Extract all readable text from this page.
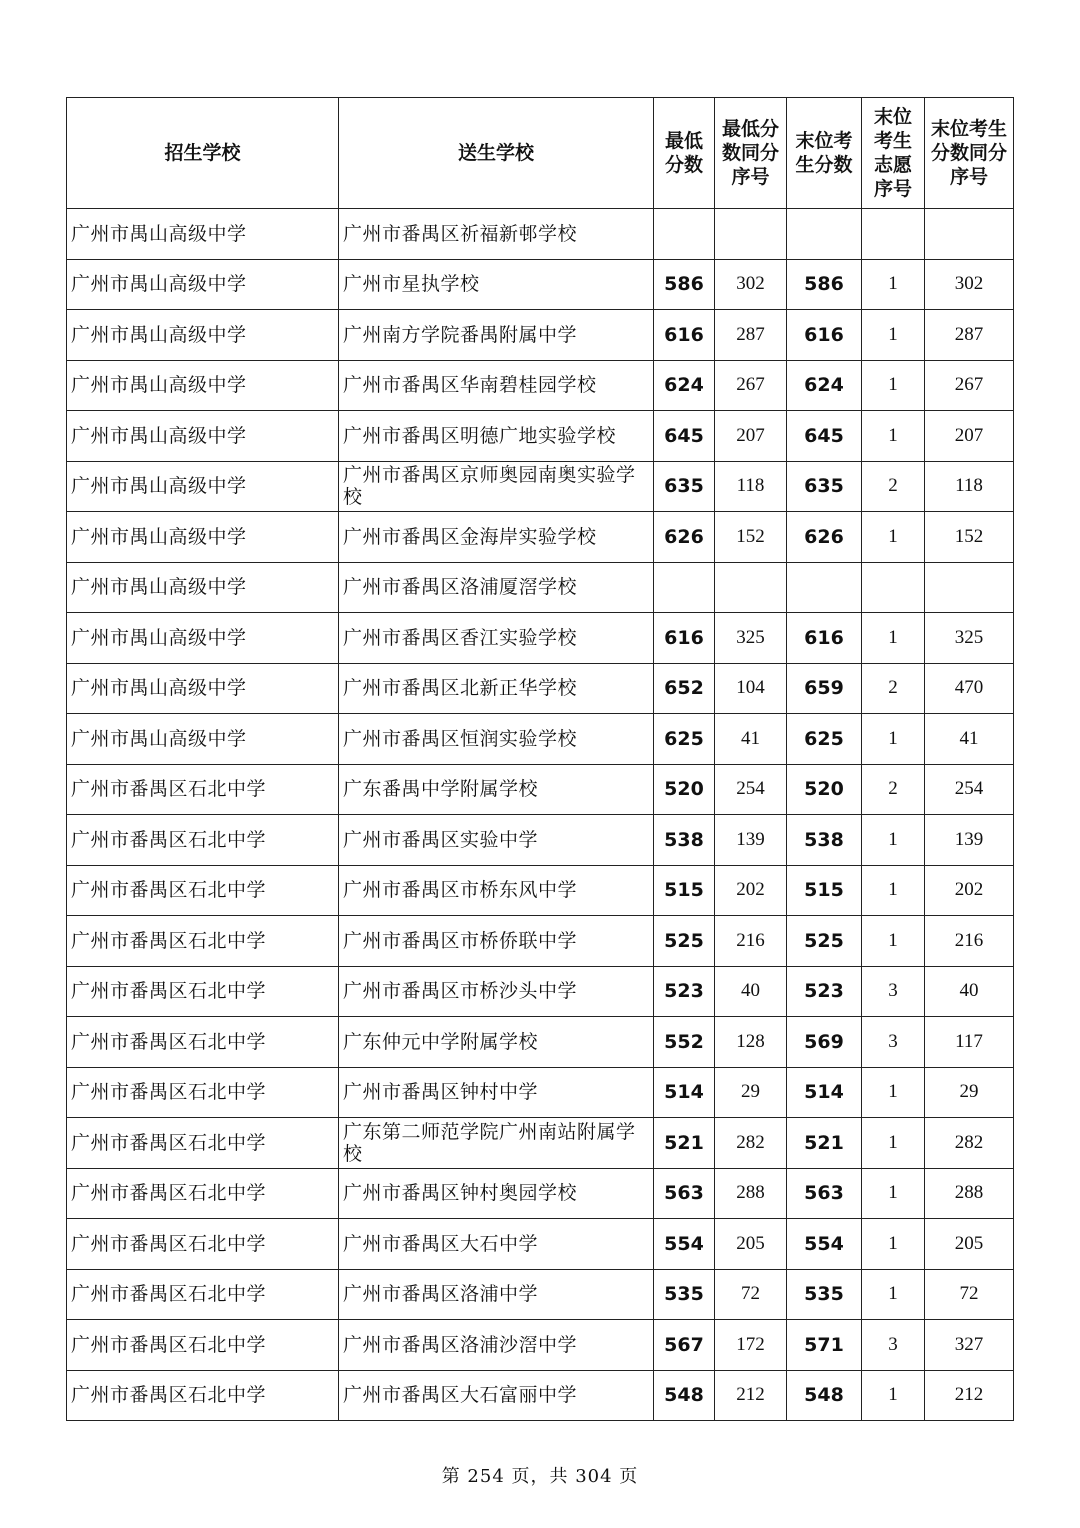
招生学校	送生学校	最低分数	最低分数同分序号	末位考生分数	末位考生志愿序号	末位考生分数同分序号

广州市禺山高级中学	广州市番禺区祈福新邨学校					
广州市禺山高级中学	广州市星执学校	586	302	586	1	302
广州市禺山高级中学	广州南方学院番禺附属中学	616	287	616	1	287
广州市禺山高级中学	广州市番禺区华南碧桂园学校	624	267	624	1	267
广州市禺山高级中学	广州市番禺区明德广地实验学校	645	207	645	1	207
广州市禺山高级中学	广州市番禺区京师奥园南奥实验学校	635	118	635	2	118
广州市禺山高级中学	广州市番禺区金海岸实验学校	626	152	626	1	152
广州市禺山高级中学	广州市番禺区洛浦厦滘学校					
广州市禺山高级中学	广州市番禺区香江实验学校	616	325	616	1	325
广州市禺山高级中学	广州市番禺区北新正华学校	652	104	659	2	470
广州市禺山高级中学	广州市番禺区恒润实验学校	625	41	625	1	41
广州市番禺区石北中学	广东番禺中学附属学校	520	254	520	2	254
广州市番禺区石北中学	广州市番禺区实验中学	538	139	538	1	139
广州市番禺区石北中学	广州市番禺区市桥东风中学	515	202	515	1	202
广州市番禺区石北中学	广州市番禺区市桥侨联中学	525	216	525	1	216
广州市番禺区石北中学	广州市番禺区市桥沙头中学	523	40	523	3	40
广州市番禺区石北中学	广东仲元中学附属学校	552	128	569	3	117
广州市番禺区石北中学	广州市番禺区钟村中学	514	29	514	1	29
广州市番禺区石北中学	广东第二师范学院广州南站附属学校	521	282	521	1	282
广州市番禺区石北中学	广州市番禺区钟村奥园学校	563	288	563	1	288
广州市番禺区石北中学	广州市番禺区大石中学	554	205	554	1	205
广州市番禺区石北中学	广州市番禺区洛浦中学	535	72	535	1	72
广州市番禺区石北中学	广州市番禺区洛浦沙滘中学	567	172	571	3	327
广州市番禺区石北中学	广州市番禺区大石富丽中学	548	212	548	1	212
第 254 页，共 304 页
